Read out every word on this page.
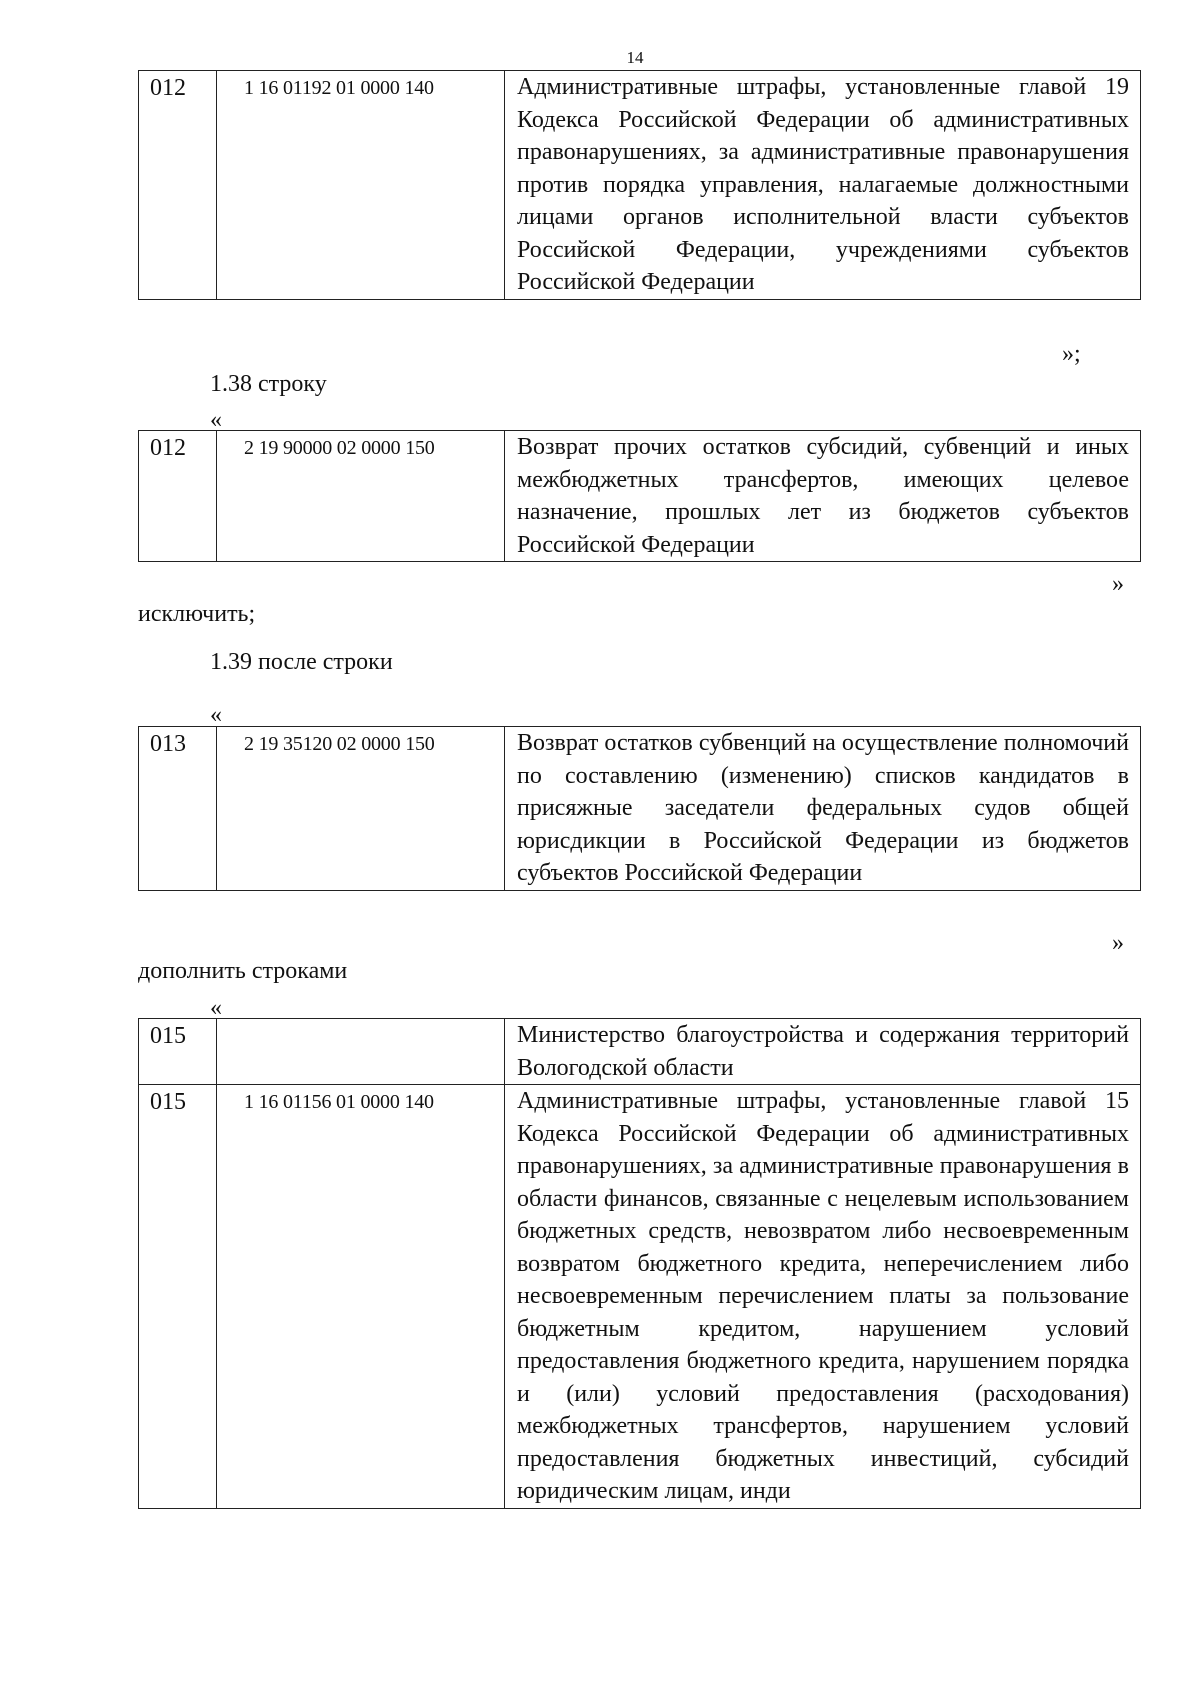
14
012	1 16 01192 01 0000 140	Административные штрафы, установленные главой 19 Кодекса Российской Федерации об административных правонарушениях, за административные правонарушения против порядка управления, налагаемые должностными лицами органов исполнительной власти субъектов Российской Федерации, учреждениями субъектов Российской Федерации
»;
1.38 строку
«
012	2 19 90000 02 0000 150	Возврат прочих остатков субсидий, субвенций и иных межбюджетных трансфертов, имеющих целевое назначение, прошлых лет из бюджетов субъектов Российской Федерации
»
исключить;
1.39 после строки
«
013	2 19 35120 02 0000 150	Возврат остатков субвенций на осуществление полномочий по составлению (изменению) списков кандидатов в присяжные заседатели федеральных судов общей юрисдикции в Российской Федерации из бюджетов субъектов Российской Федерации
»
дополнить строками
«
015		Министерство благоустройства и содержания территорий Вологодской области

015	1 16 01156 01 0000 140	Административные штрафы, установленные главой 15 Кодекса Российской Федерации об административных правонарушениях, за административные правонарушения в области финансов, связанные с нецелевым использованием бюджетных средств, невозвратом либо несвоевременным возвратом бюджетного кредита, неперечислением либо несвоевременным перечислением платы за пользование бюджетным кредитом, нарушением условий предоставления бюджетного кредита, нарушением порядка и (или) условий предоставления (расходования) межбюджетных трансфертов, нарушением условий предоставления бюджетных инвестиций, субсидий юридическим лицам, инди
